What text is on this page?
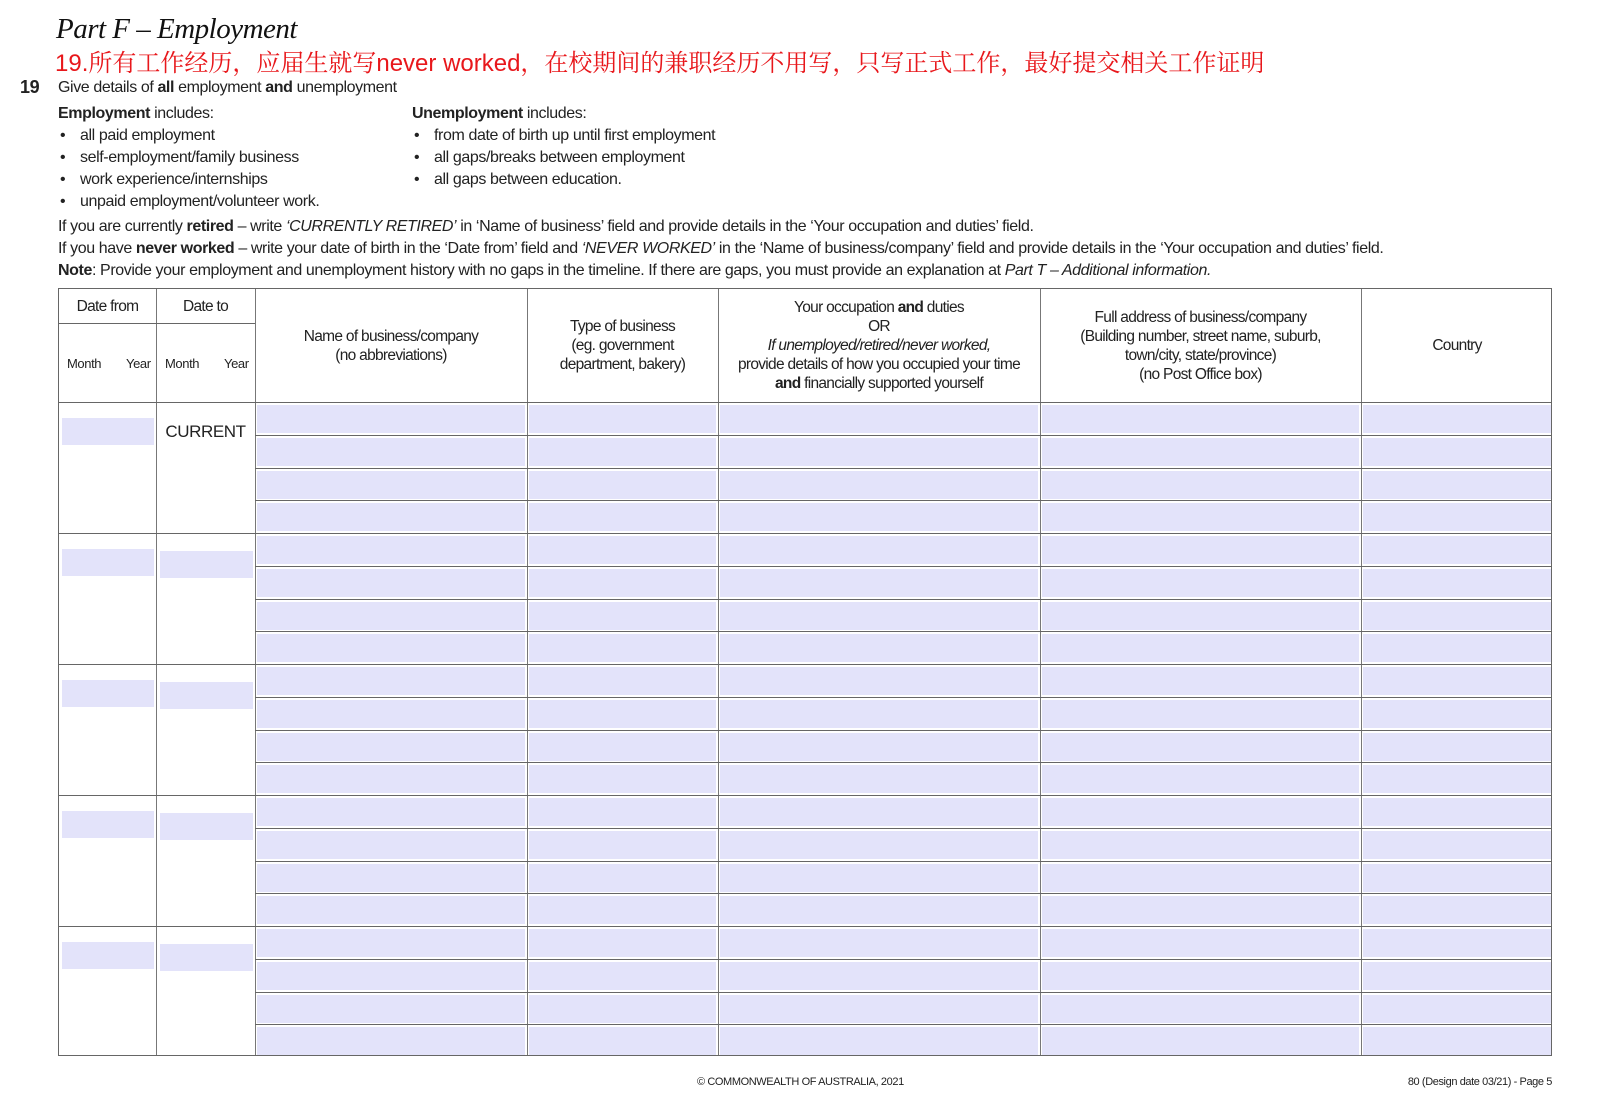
Part F – Employment
19.所有工作经历，应届生就写never worked，在校期间的兼职经历不用写，只写正式工作，最好提交相关工作证明
19 Give details of all employment and unemployment
Employment includes:
• all paid employment
• self-employment/family business
• work experience/internships
• unpaid employment/volunteer work.
Unemployment includes:
• from date of birth up until first employment
• all gaps/breaks between employment
• all gaps between education.
If you are currently retired – write ‘CURRENTLY RETIRED’ in ‘Name of business’ field and provide details in the ‘Your occupation and duties’ field.
If you have never worked – write your date of birth in the ‘Date from’ field and ‘NEVER WORKED’ in the ‘Name of business/company’ field and provide details in the ‘Your occupation and duties’ field.
Note: Provide your employment and unemployment history with no gaps in the timeline. If there are gaps, you must provide an explanation at Part T – Additional information.
Date from	Date to
Month Year Month Year
Name of business/company
(no abbreviations)
Type of business
(eg. government
department, bakery)
Your occupation and duties
OR
If unemployed/retired/never worked,
provide details of how you occupied your time
and financially supported yourself
Full address of business/company
(Building number, street name, suburb,
town/city, state/province)
(no Post Office box)
Country
CURRENT
© COMMONWEALTH OF AUSTRALIA, 2021	80 (Design date 03/21) - Page 5
